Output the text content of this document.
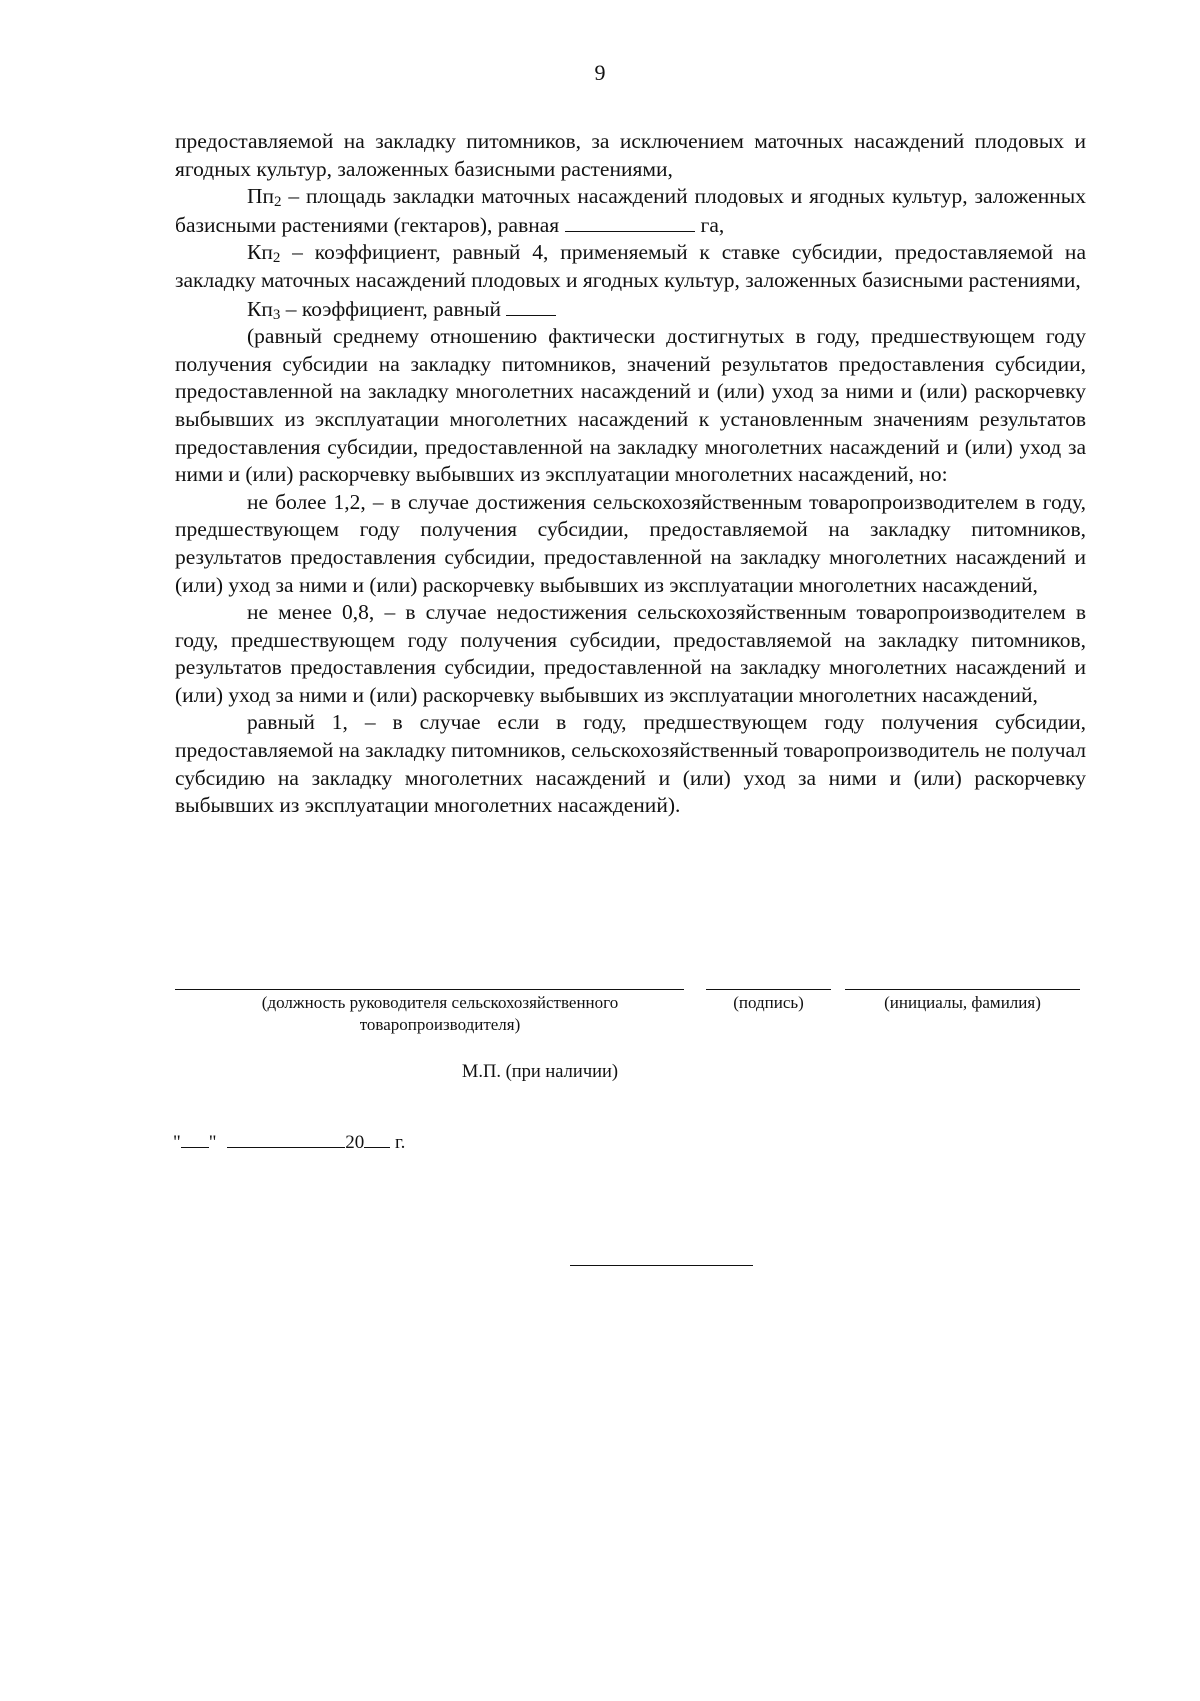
9

предоставляемой на закладку питомников, за исключением маточных насаждений плодовых и ягодных культур, заложенных базисными растениями,

$Пп_2$ – площадь закладки маточных насаждений плодовых и ягодных культур, заложенных базисными растениями (гектаров), равная	га,

$Кп_2$ – коэффициент, равный 4, применяемый к ставке субсидии, предоставляемой на закладку маточных насаждений плодовых и ягодных культур, заложенных базисными растениями,

$Кп_3$ – коэффициент, равный

(равный среднему отношению фактически достигнутых в году, предшествующем году получения субсидии на закладку питомников, значений результатов предоставления субсидии, предоставленной на закладку многолетних насаждений и (или) уход за ними и (или) раскорчевку выбывших из эксплуатации многолетних насаждений к установленным значениям результатов предоставления субсидии, предоставленной на закладку многолетних насаждений и (или) уход за ними и (или) раскорчевку выбывших из эксплуатации многолетних насаждений, но:

не более 1,2, – в случае достижения сельскохозяйственным товаропроизводителем в году, предшествующем году получения субсидии, предоставляемой на закладку питомников, результатов предоставления субсидии, предоставленной на закладку многолетних насаждений и (или) уход за ними и (или) раскорчевку выбывших из эксплуатации многолетних насаждений,

не менее 0,8, – в случае недостижения сельскохозяйственным товаропроизводителем в году, предшествующем году получения субсидии, предоставляемой на закладку питомников, результатов предоставления субсидии, предоставленной на закладку многолетних насаждений и (или) уход за ними и (или) раскорчевку выбывших из эксплуатации многолетних насаждений,

равный 1, – в случае если в году, предшествующем году получения субсидии, предоставляемой на закладку питомников, сельскохозяйственный товаропроизводитель не получал субсидию на закладку многолетних насаждений и (или) уход за ними и (или) раскорчевку выбывших из эксплуатации многолетних насаждений).

(должность руководителя сельскохозяйственного товаропроизводителя)
(подпись)	(инициалы, фамилия)
М.П. (при наличии)
" "	20 г.
